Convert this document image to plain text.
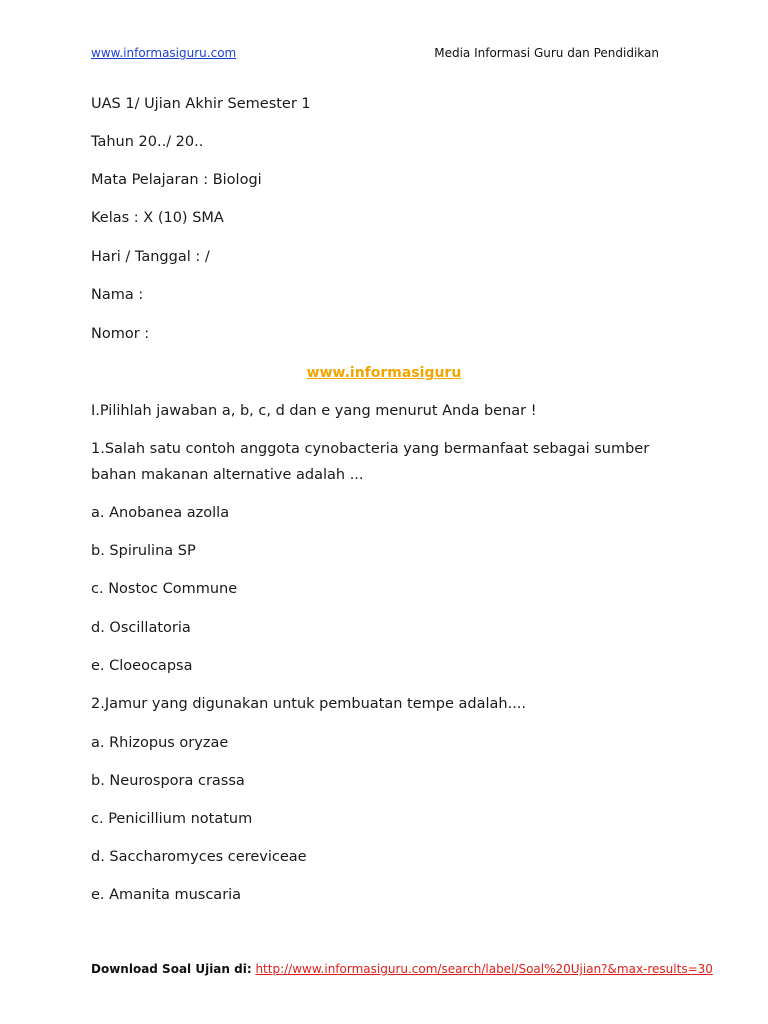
www.informasiguru.com	Media Informasi Guru dan Pendidikan
UAS 1/ Ujian Akhir Semester 1
Tahun 20../ 20..
Mata Pelajaran : Biologi
Kelas : X (10) SMA
Hari / Tanggal : /
Nama :
Nomor :
www.informasiguru
I.Pilihlah jawaban a, b, c, d dan e yang menurut Anda benar !
1.Salah satu contoh anggota cynobacteria yang bermanfaat sebagai sumber
bahan makanan alternative adalah ...
a. Anobanea azolla
b. Spirulina SP
c. Nostoc Commune
d. Oscillatoria
e. Cloeocapsa
2.Jamur yang digunakan untuk pembuatan tempe adalah....
a. Rhizopus oryzae
b. Neurospora crassa
c. Penicillium notatum
d. Saccharomyces cereviceae
e. Amanita muscaria
Download Soal Ujian di: http://www.informasiguru.com/search/label/Soal%20Ujian?&max-results=30
